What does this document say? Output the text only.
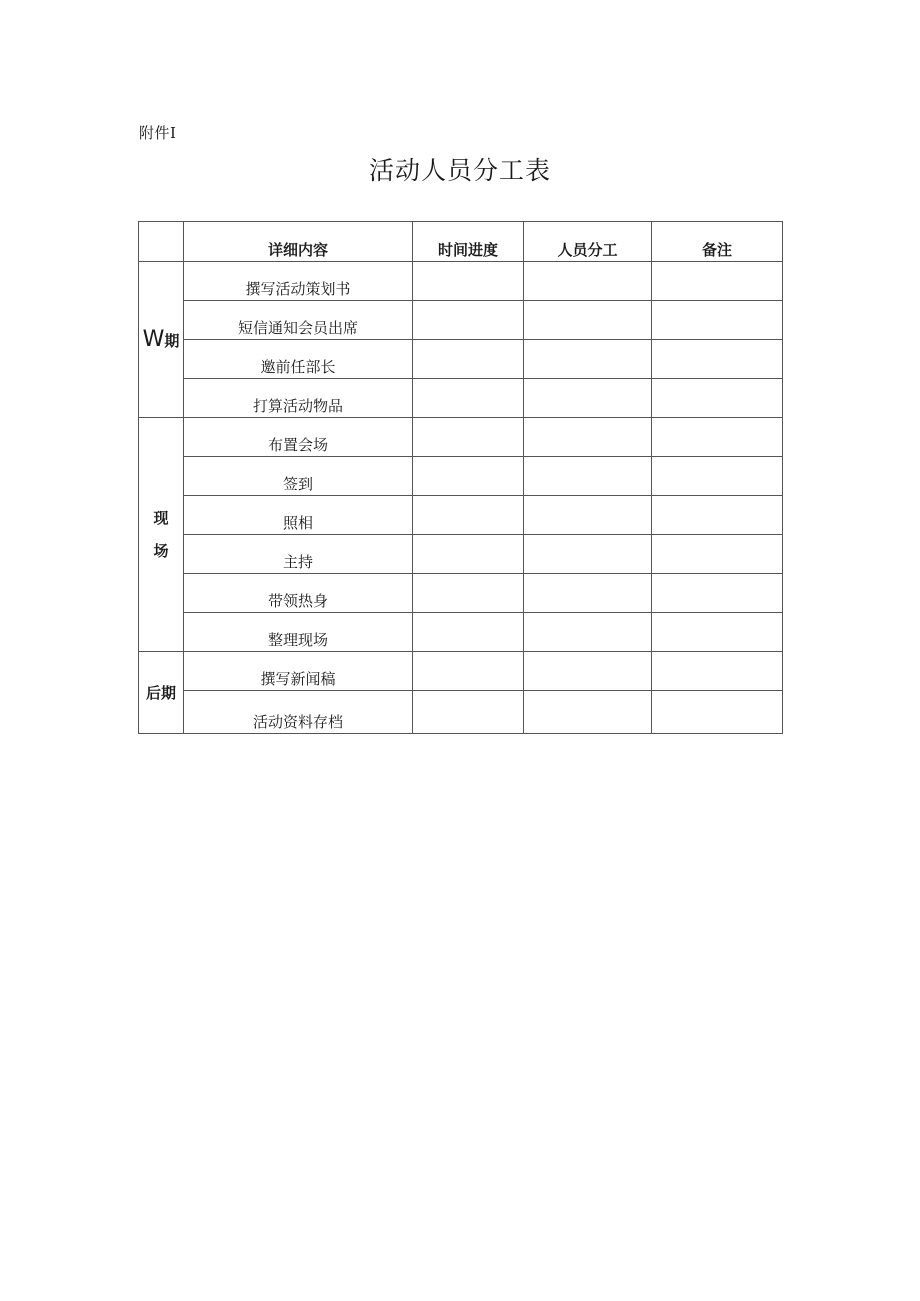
附件I
活动人员分工表
	详细内容	时间进度	人员分工	备注
W期	撰写活动策划书			
	短信通知会员出席			
	邀前任部长			
	打算活动物品			

现
场	布置会场			
	签到			
	照相			
	主持			
	带领热身			
	整理现场			
后期	撰写新闻稿			
	活动资料存档			
